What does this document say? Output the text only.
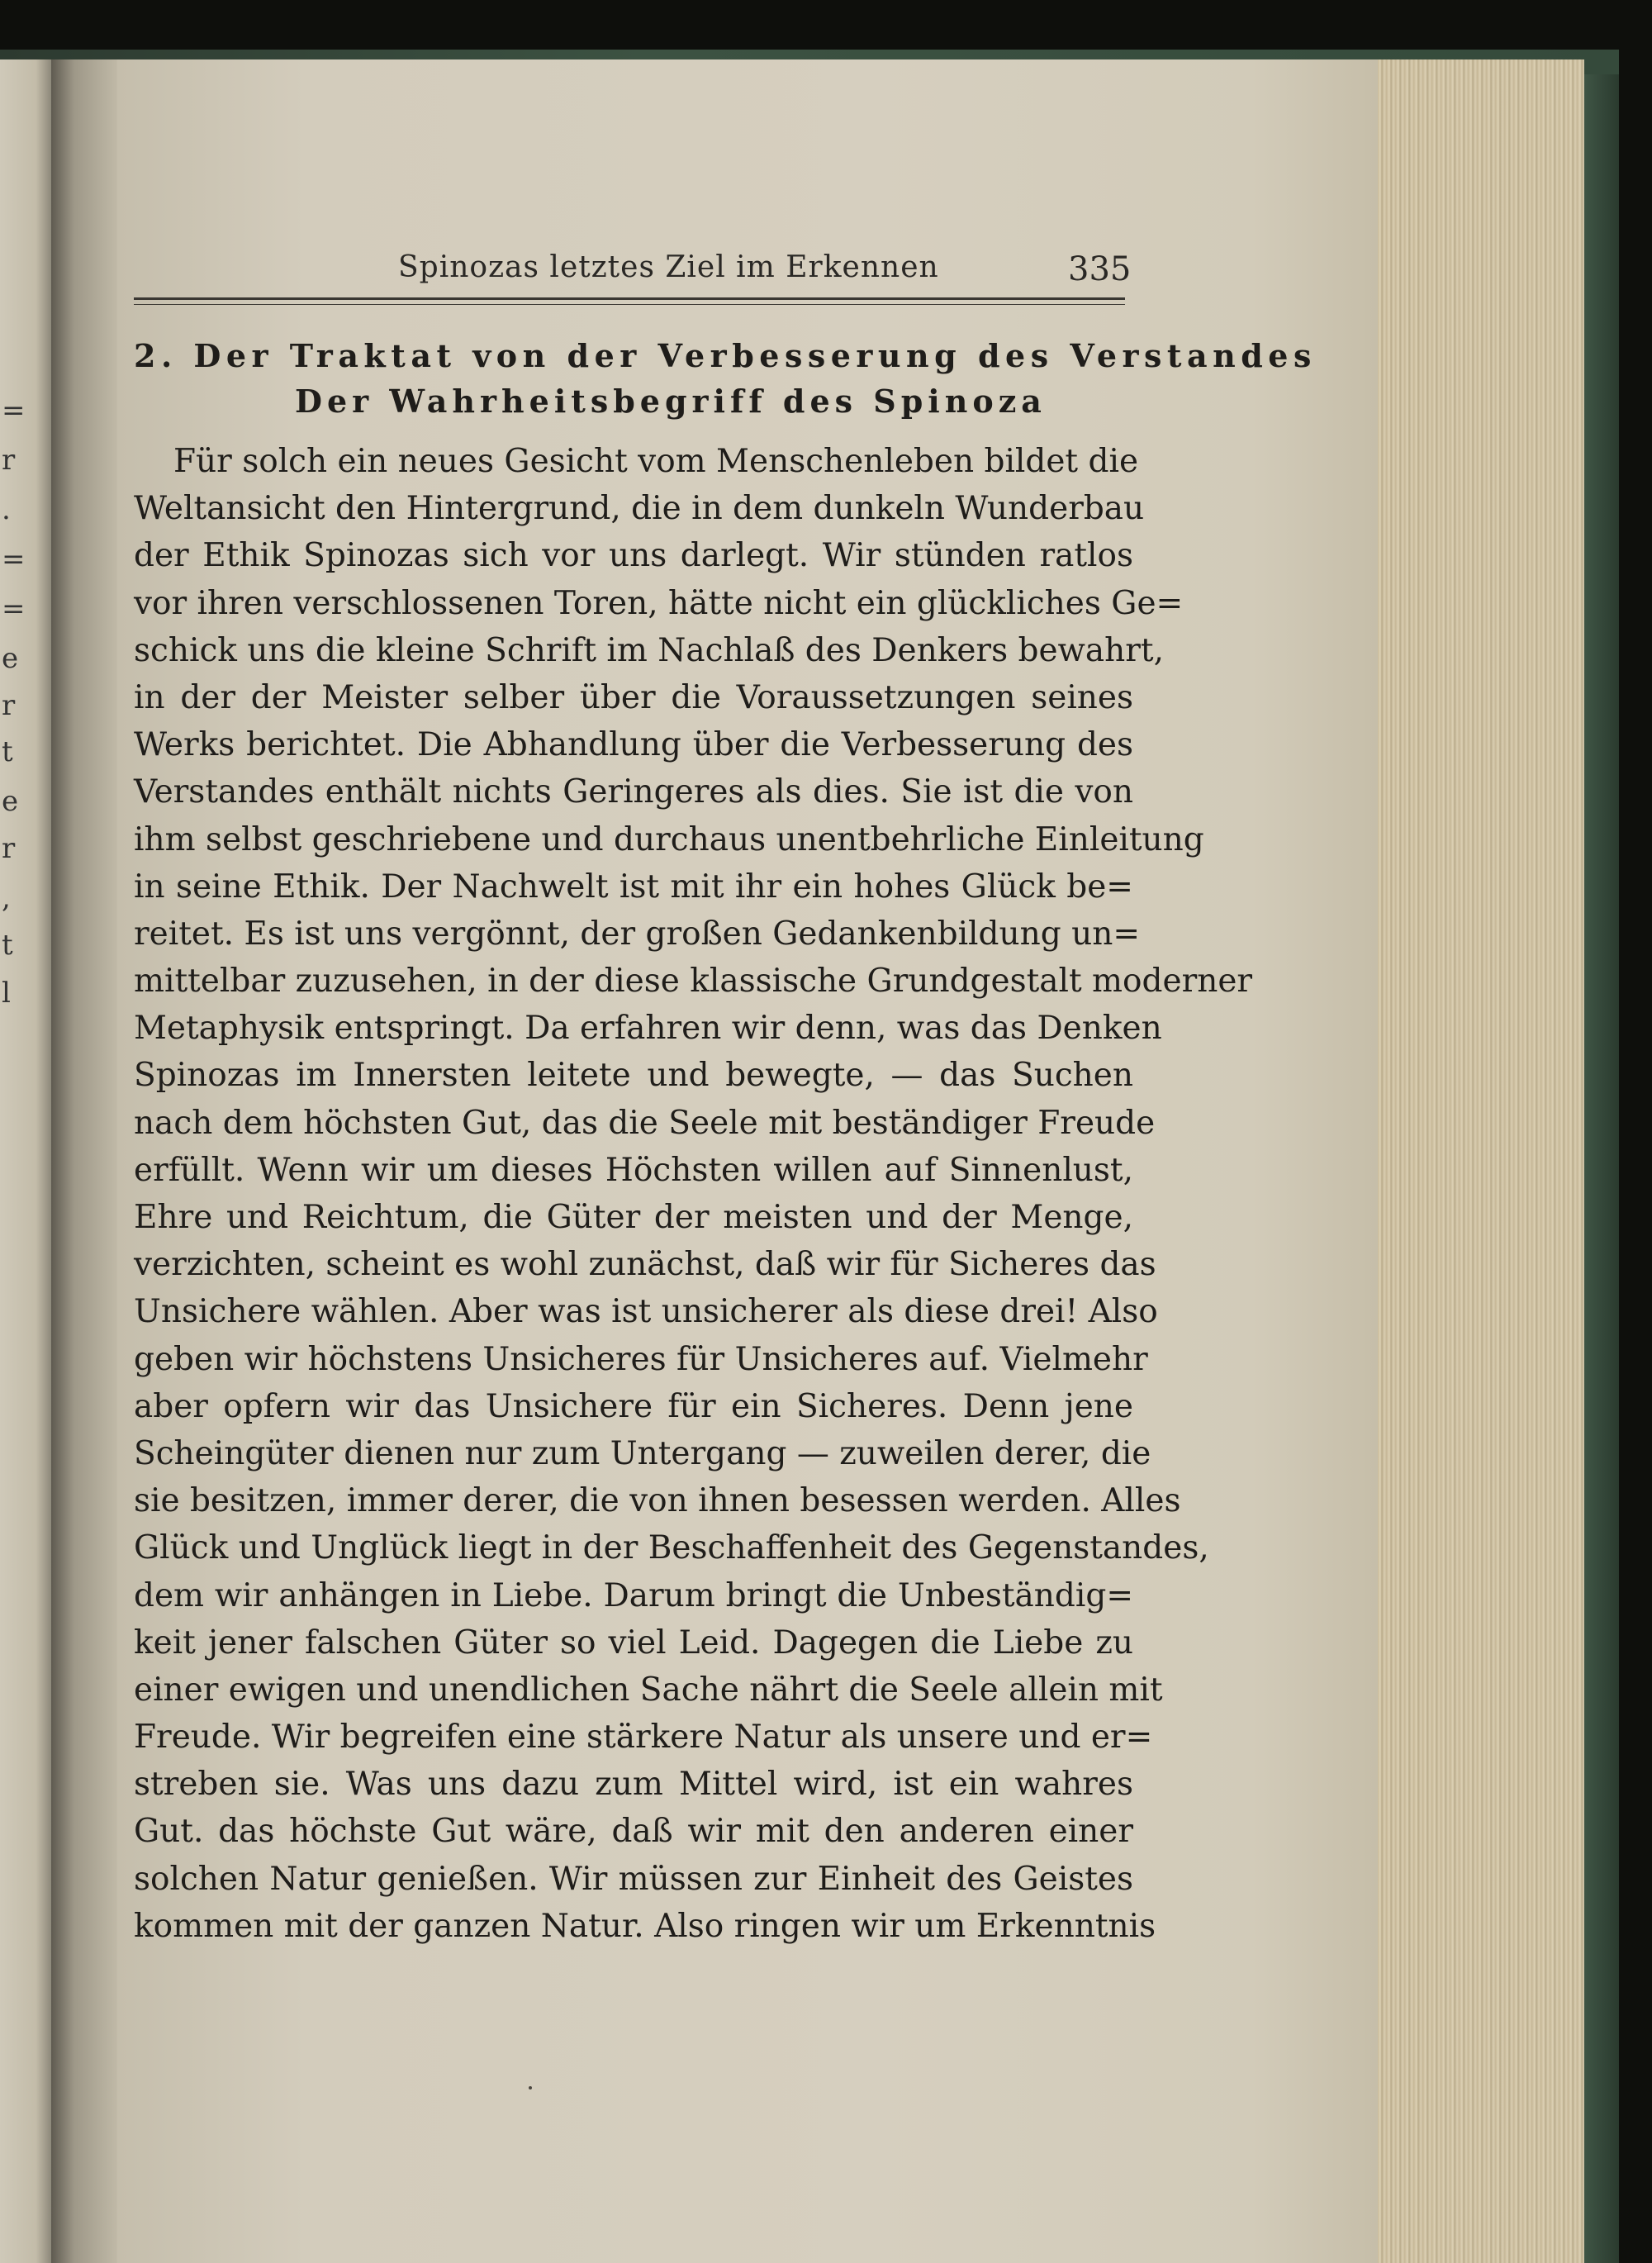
=
r
.
=
=
e
r
t
e
r
,
t
l
Spinozas letztes Ziel im Erkennen	335
2. Der Traktat von der Verbesserung des Verstandes
Der Wahrheitsbegriff des Spinoza
Für solch ein neues Gesicht vom Menschenleben bildet die
Weltansicht den Hintergrund, die in dem dunkeln Wunderbau
der Ethik Spinozas sich vor uns darlegt. Wir stünden ratlos
vor ihren verschlossenen Toren, hätte nicht ein glückliches Ge=
schick uns die kleine Schrift im Nachlaß des Denkers bewahrt,
in der der Meister selber über die Voraussetzungen seines
Werks berichtet. Die Abhandlung über die Verbesserung des
Verstandes enthält nichts Geringeres als dies. Sie ist die von
ihm selbst geschriebene und durchaus unentbehrliche Einleitung
in seine Ethik. Der Nachwelt ist mit ihr ein hohes Glück be=
reitet. Es ist uns vergönnt, der großen Gedankenbildung un=
mittelbar zuzusehen, in der diese klassische Grundgestalt moderner
Metaphysik entspringt. Da erfahren wir denn, was das Denken
Spinozas im Innersten leitete und bewegte, — das Suchen
nach dem höchsten Gut, das die Seele mit beständiger Freude
erfüllt. Wenn wir um dieses Höchsten willen auf Sinnenlust,
Ehre und Reichtum, die Güter der meisten und der Menge,
verzichten, scheint es wohl zunächst, daß wir für Sicheres das
Unsichere wählen. Aber was ist unsicherer als diese drei! Also
geben wir höchstens Unsicheres für Unsicheres auf. Vielmehr
aber opfern wir das Unsichere für ein Sicheres. Denn jene
Scheingüter dienen nur zum Untergang — zuweilen derer, die
sie besitzen, immer derer, die von ihnen besessen werden. Alles
Glück und Unglück liegt in der Beschaffenheit des Gegenstandes,
dem wir anhängen in Liebe. Darum bringt die Unbeständig=
keit jener falschen Güter so viel Leid. Dagegen die Liebe zu
einer ewigen und unendlichen Sache nährt die Seele allein mit
Freude. Wir begreifen eine stärkere Natur als unsere und er=
streben sie. Was uns dazu zum Mittel wird, ist ein wahres
Gut. das höchste Gut wäre, daß wir mit den anderen einer
solchen Natur genießen. Wir müssen zur Einheit des Geistes
kommen mit der ganzen Natur. Also ringen wir um Erkenntnis
